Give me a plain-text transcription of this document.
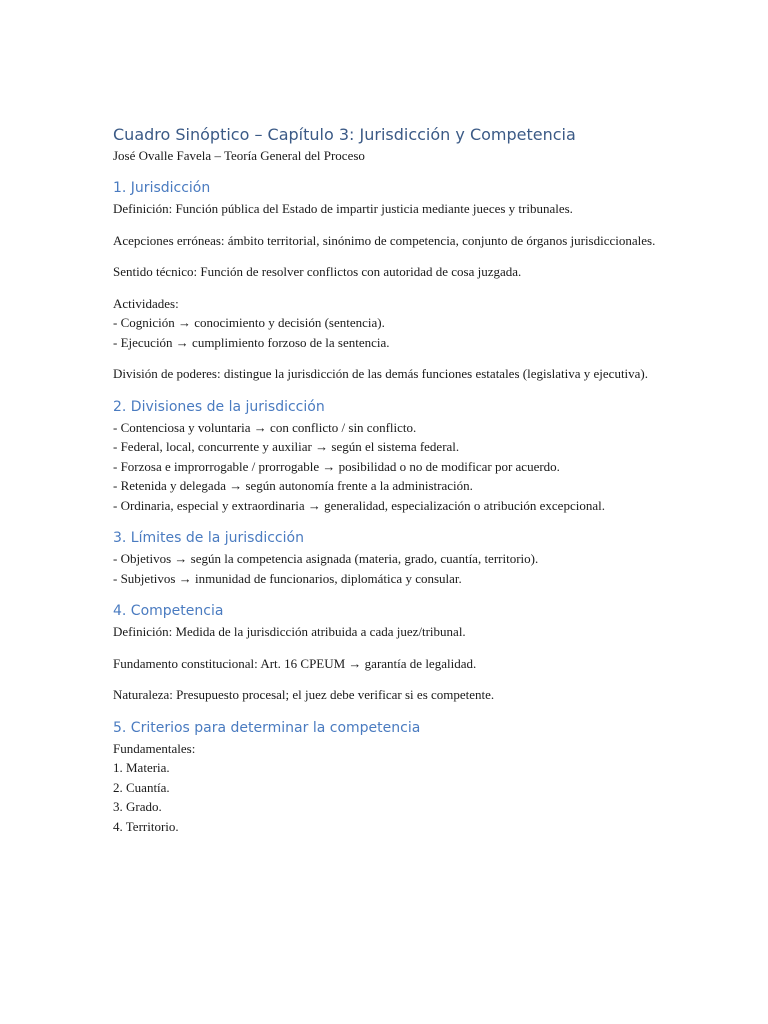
Cuadro Sinóptico – Capítulo 3: Jurisdicción y Competencia
José Ovalle Favela – Teoría General del Proceso
1. Jurisdicción
Definición: Función pública del Estado de impartir justicia mediante jueces y tribunales.
Acepciones erróneas: ámbito territorial, sinónimo de competencia, conjunto de órganos jurisdiccionales.
Sentido técnico: Función de resolver conflictos con autoridad de cosa juzgada.
Actividades:
- Cognición → conocimiento y decisión (sentencia).
- Ejecución → cumplimiento forzoso de la sentencia.
División de poderes: distingue la jurisdicción de las demás funciones estatales (legislativa y ejecutiva).
2. Divisiones de la jurisdicción
- Contenciosa y voluntaria → con conflicto / sin conflicto.
- Federal, local, concurrente y auxiliar → según el sistema federal.
- Forzosa e improrrogable / prorrogable → posibilidad o no de modificar por acuerdo.
- Retenida y delegada → según autonomía frente a la administración.
- Ordinaria, especial y extraordinaria → generalidad, especialización o atribución excepcional.
3. Límites de la jurisdicción
- Objetivos → según la competencia asignada (materia, grado, cuantía, territorio).
- Subjetivos → inmunidad de funcionarios, diplomática y consular.
4. Competencia
Definición: Medida de la jurisdicción atribuida a cada juez/tribunal.
Fundamento constitucional: Art. 16 CPEUM → garantía de legalidad.
Naturaleza: Presupuesto procesal; el juez debe verificar si es competente.
5. Criterios para determinar la competencia
Fundamentales:
1. Materia.
2. Cuantía.
3. Grado.
4. Territorio.
